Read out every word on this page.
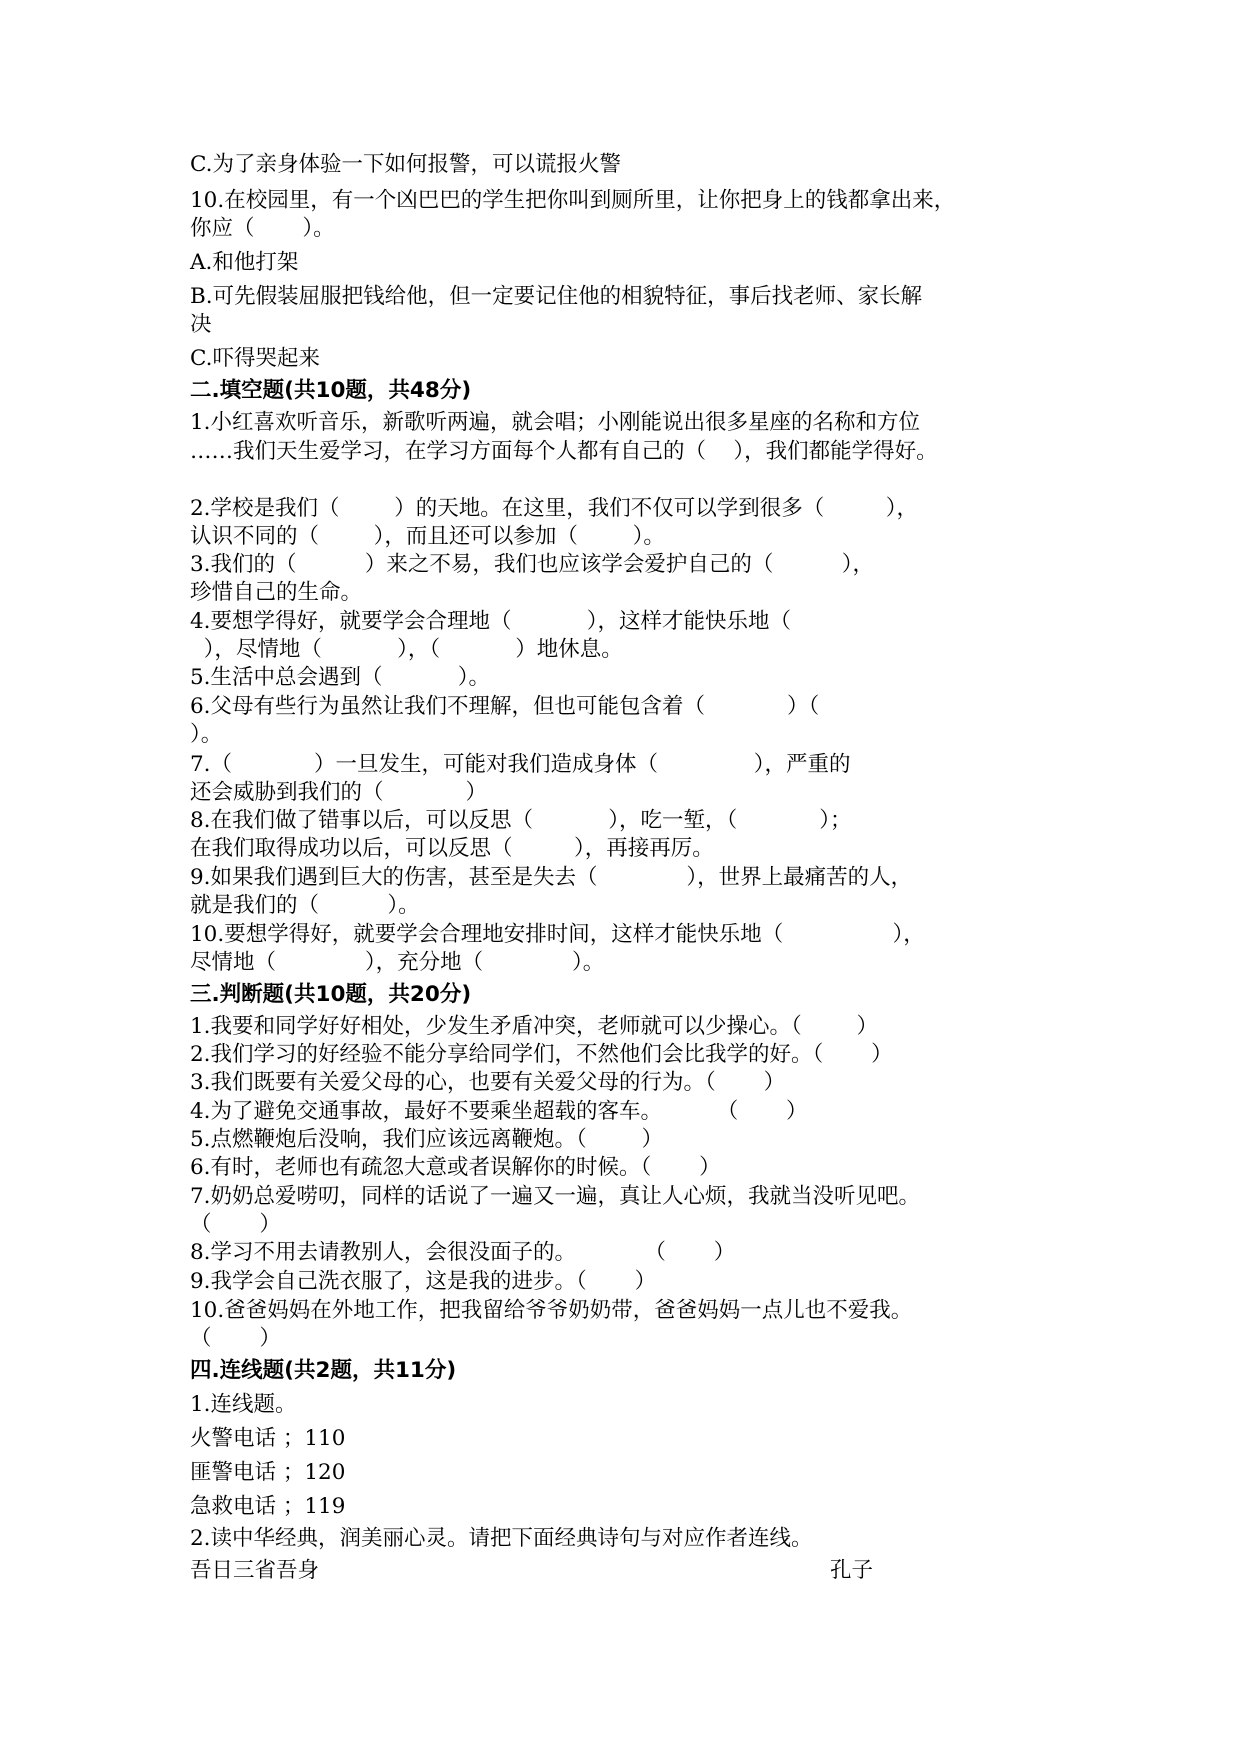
C.为了亲身体验一下如何报警，可以谎报火警
10.在校园里，有一个凶巴巴的学生把你叫到厕所里，让你把身上的钱都拿出来，
你应（       ）。
A.和他打架
B.可先假装屈服把钱给他，但一定要记住他的相貌特征，事后找老师、家长解
决
C.吓得哭起来
二.填空题(共10题，共48分)
1.小红喜欢听音乐，新歌听两遍，就会唱；小刚能说出很多星座的名称和方位
……我们天生爱学习，在学习方面每个人都有自己的（    ），我们都能学得好。
2.学校是我们（        ）的天地。在这里，我们不仅可以学到很多（         ），
认识不同的（        ），而且还可以参加（        ）。
3.我们的（          ）来之不易，我们也应该学会爱护自己的（          ），
珍惜自己的生命。
4.要想学得好，就要学会合理地（           ），这样才能快乐地（
），尽情地（           ），（           ）地休息。
5.生活中总会遇到（           ）。
6.父母有些行为虽然让我们不理解，但也可能包含着（            ）（
）。
7.（            ）一旦发生，可能对我们造成身体（              ），严重的
还会威胁到我们的（            ）
8.在我们做了错事以后，可以反思（           ），吃一堑，（            ）；
在我们取得成功以后，可以反思（         ），再接再厉。
9.如果我们遇到巨大的伤害，甚至是失去（             ），世界上最痛苦的人，
就是我们的（          ）。
10.要想学得好，就要学会合理地安排时间，这样才能快乐地（                ），
尽情地（             ），充分地（             ）。
三.判断题(共10题，共20分)
1.我要和同学好好相处，少发生矛盾冲突，老师就可以少操心。（        ）
2.我们学习的好经验不能分享给同学们，不然他们会比我学的好。（       ）
3.我们既要有关爱父母的心，也要有关爱父母的行为。（       ）
4.为了避免交通事故，最好不要乘坐超载的客车。        （       ）
5.点燃鞭炮后没响，我们应该远离鞭炮。（        ）
6.有时，老师也有疏忽大意或者误解你的时候。（       ）
7.奶奶总爱唠叨，同样的话说了一遍又一遍，真让人心烦，我就当没听见吧。
（       ）
8.学习不用去请教别人，会很没面子的。          （       ）
9.我学会自己洗衣服了，这是我的进步。（       ）
10.爸爸妈妈在外地工作，把我留给爷爷奶奶带，爸爸妈妈一点儿也不爱我。
（       ）
四.连线题(共2题，共11分)
1.连线题。
火警电话 ；110
匪警电话 ；120
急救电话 ；119
2.读中华经典，润美丽心灵。请把下面经典诗句与对应作者连线。
吾日三省吾身	孔子
